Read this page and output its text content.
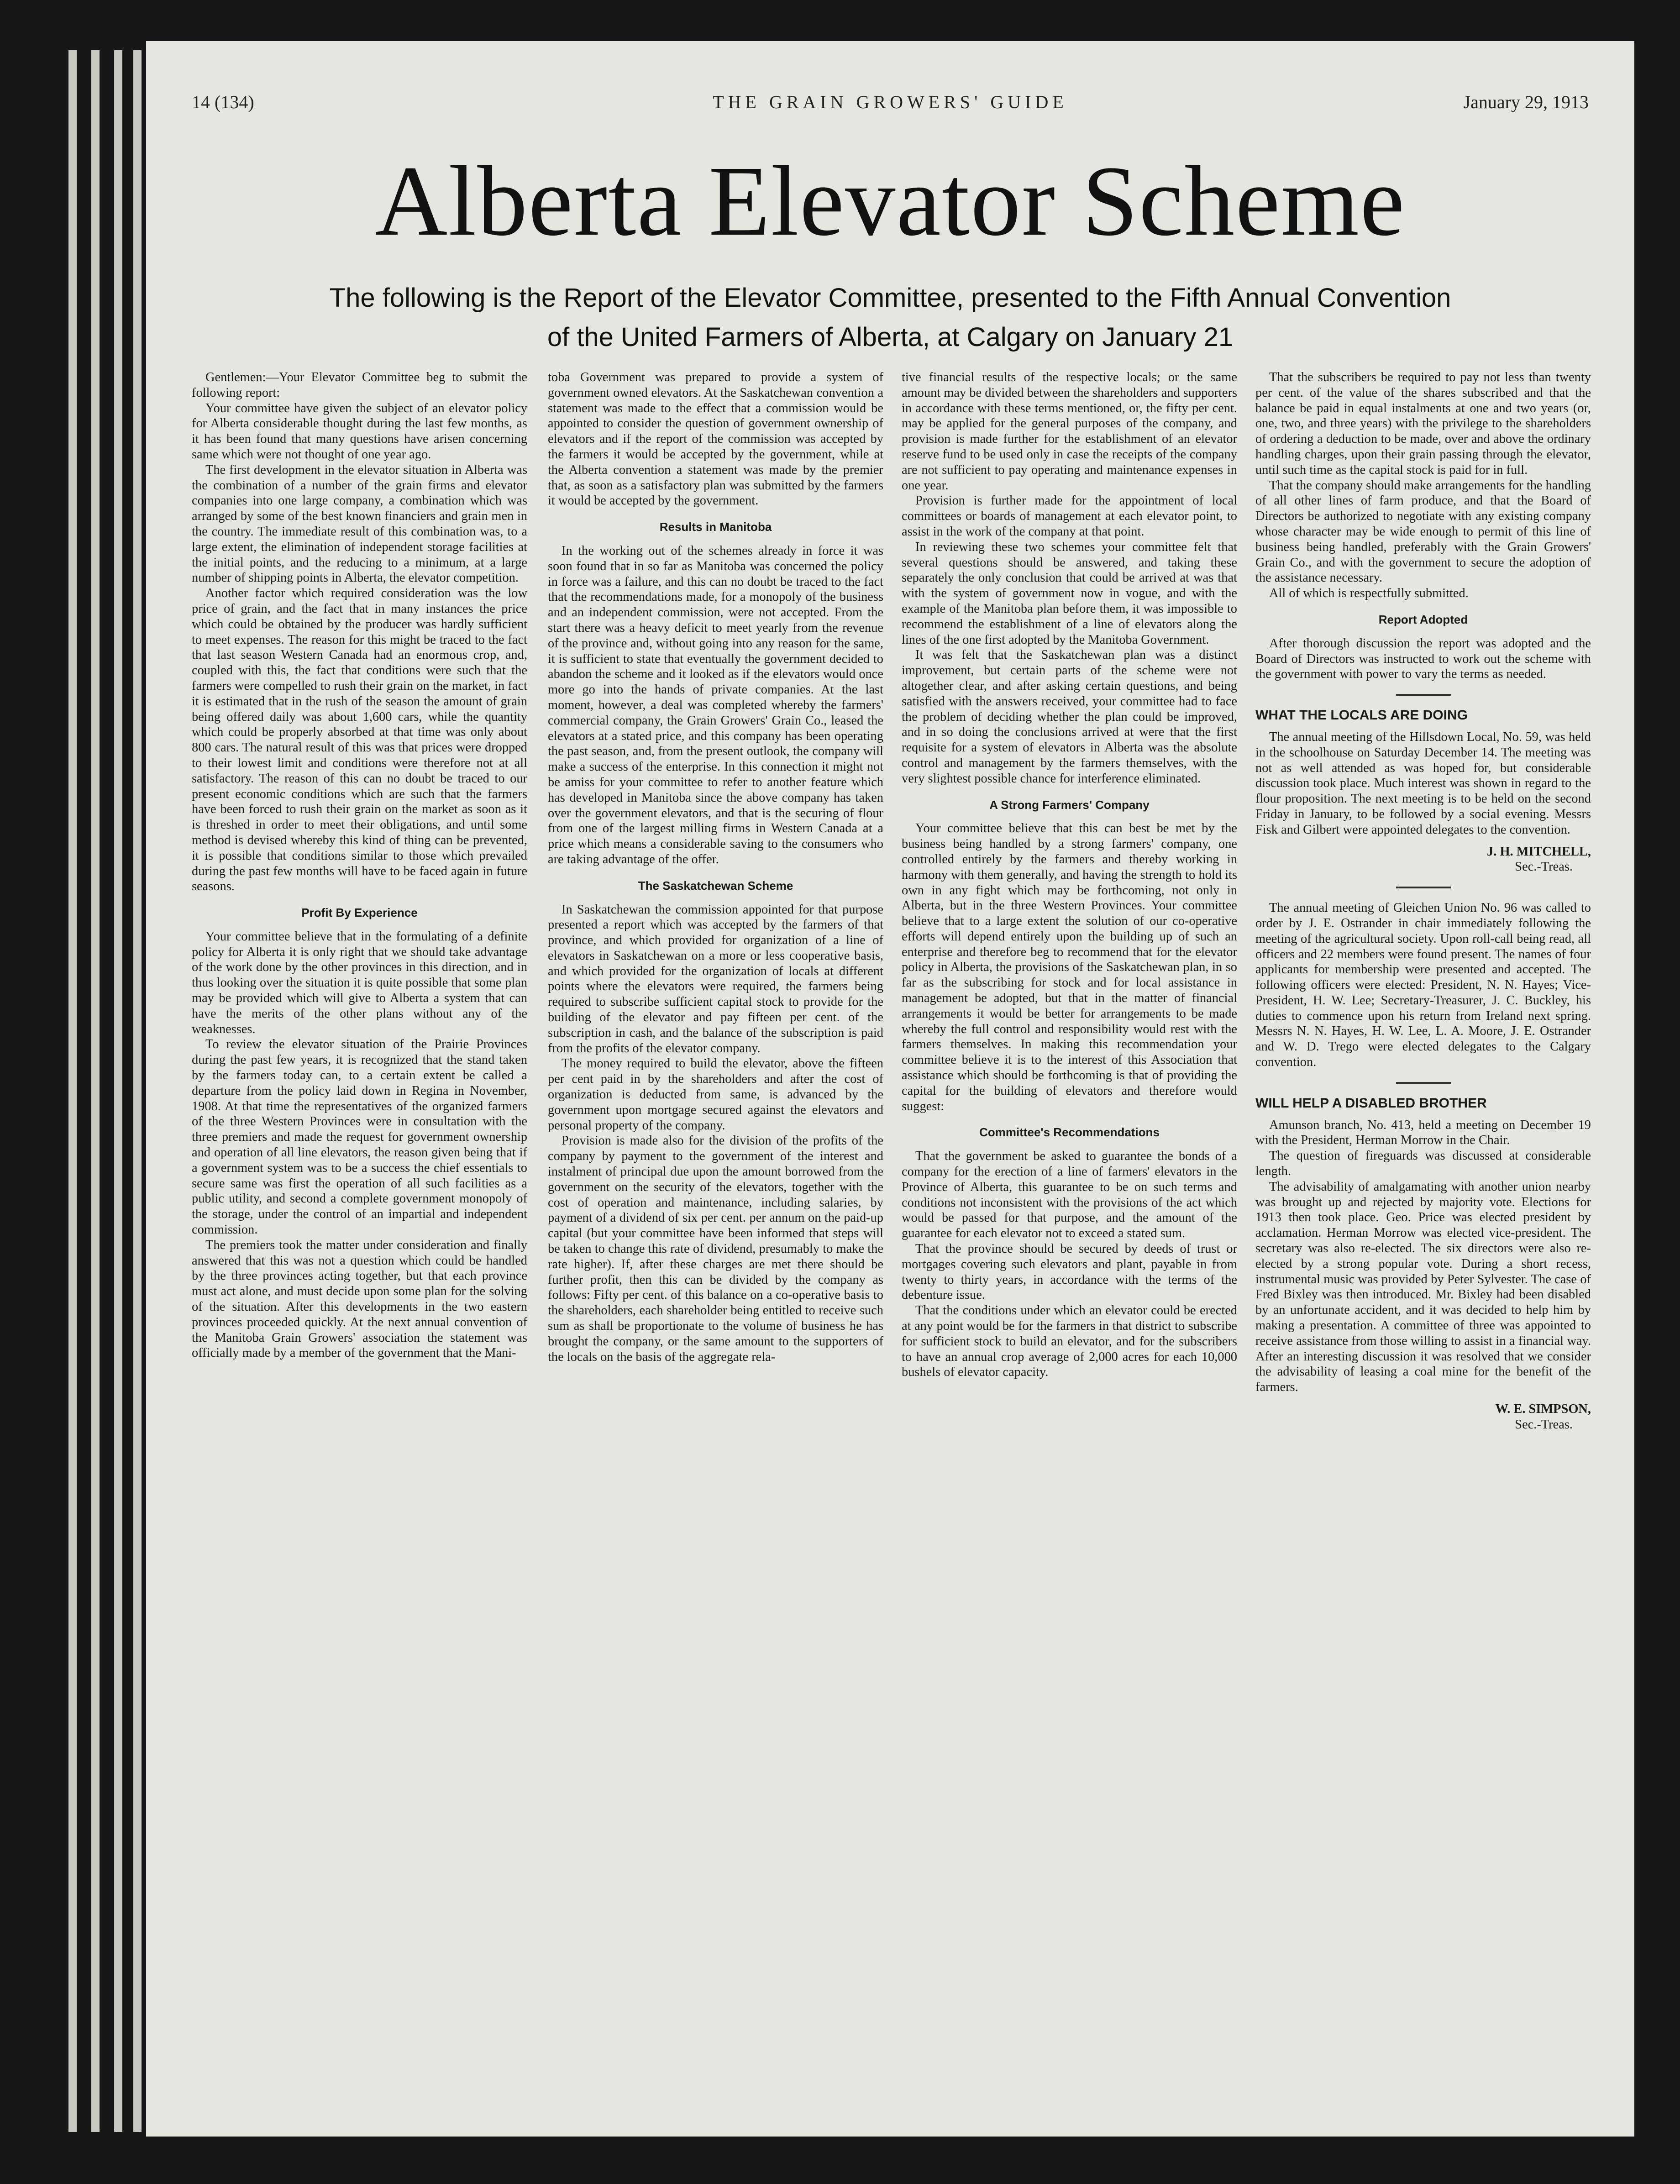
14 (134)	THE GRAIN GROWERS' GUIDE	January 29, 1913
Alberta Elevator Scheme
The following is the Report of the Elevator Committee, presented to the Fifth Annual Convention
of the United Farmers of Alberta, at Calgary on January 21

Gentlemen:—Your Elevator Committee beg to submit the following report:

Your committee have given the subject of an elevator policy for Alberta considerable thought during the last few months, as it has been found that many questions have arisen concerning same which were not thought of one year ago.

The first development in the elevator situation in Alberta was the combination of a number of the grain firms and elevator companies into one large company, a combination which was arranged by some of the best known financiers and grain men in the country. The immediate result of this combination was, to a large extent, the elimination of independent storage facilities at the initial points, and the reducing to a minimum, at a large number of shipping points in Alberta, the elevator competition.

Another factor which required consideration was the low price of grain, and the fact that in many instances the price which could be obtained by the producer was hardly sufficient to meet expenses. The reason for this might be traced to the fact that last season Western Canada had an enormous crop, and, coupled with this, the fact that conditions were such that the farmers were compelled to rush their grain on the market, in fact it is estimated that in the rush of the season the amount of grain being offered daily was about 1,600 cars, while the quantity which could be properly absorbed at that time was only about 800 cars. The natural result of this was that prices were dropped to their lowest limit and conditions were therefore not at all satisfactory. The reason of this can no doubt be traced to our present economic conditions which are such that the farmers have been forced to rush their grain on the market as soon as it is threshed in order to meet their obligations, and until some method is devised whereby this kind of thing can be prevented, it is possible that conditions similar to those which prevailed during the past few months will have to be faced again in future seasons.

Profit By Experience

Your committee believe that in the formulating of a definite policy for Alberta it is only right that we should take advantage of the work done by the other provinces in this direction, and in thus looking over the situation it is quite possible that some plan may be provided which will give to Alberta a system that can have the merits of the other plans without any of the weaknesses.

To review the elevator situation of the Prairie Provinces during the past few years, it is recognized that the stand taken by the farmers today can, to a certain extent be called a departure from the policy laid down in Regina in November, 1908. At that time the representatives of the organized farmers of the three Western Provinces were in consultation with the three premiers and made the request for government ownership and operation of all line elevators, the reason given being that if a government system was to be a success the chief essentials to secure same was first the operation of all such facilities as a public utility, and second a complete government monopoly of the storage, under the control of an impartial and independent commission.

The premiers took the matter under consideration and finally answered that this was not a question which could be handled by the three provinces acting together, but that each province must act alone, and must decide upon some plan for the solving of the situation. After this developments in the two eastern provinces proceeded quickly. At the next annual convention of the Manitoba Grain Growers' association the statement was officially made by a member of the government that the Mani-

toba Government was prepared to provide a system of government owned elevators. At the Saskatchewan convention a statement was made to the effect that a commission would be appointed to consider the question of government ownership of elevators and if the report of the commission was accepted by the farmers it would be accepted by the government, while at the Alberta convention a statement was made by the premier that, as soon as a satisfactory plan was submitted by the farmers it would be accepted by the government.

Results in Manitoba

In the working out of the schemes already in force it was soon found that in so far as Manitoba was concerned the policy in force was a failure, and this can no doubt be traced to the fact that the recommendations made, for a monopoly of the business and an independent commission, were not accepted. From the start there was a heavy deficit to meet yearly from the revenue of the province and, without going into any reason for the same, it is sufficient to state that eventually the government decided to abandon the scheme and it looked as if the elevators would once more go into the hands of private companies. At the last moment, however, a deal was completed whereby the farmers' commercial company, the Grain Growers' Grain Co., leased the elevators at a stated price, and this company has been operating the past season, and, from the present outlook, the company will make a success of the enterprise. In this connection it might not be amiss for your committee to refer to another feature which has developed in Manitoba since the above company has taken over the government elevators, and that is the securing of flour from one of the largest milling firms in Western Canada at a price which means a considerable saving to the consumers who are taking advantage of the offer.

The Saskatchewan Scheme

In Saskatchewan the commission appointed for that purpose presented a report which was accepted by the farmers of that province, and which provided for organization of a line of elevators in Saskatchewan on a more or less cooperative basis, and which provided for the organization of locals at different points where the elevators were required, the farmers being required to subscribe sufficient capital stock to provide for the building of the elevator and pay fifteen per cent. of the subscription in cash, and the balance of the subscription is paid from the profits of the elevator company.

The money required to build the elevator, above the fifteen per cent paid in by the shareholders and after the cost of organization is deducted from same, is advanced by the government upon mortgage secured against the elevators and personal property of the company.

Provision is made also for the division of the profits of the company by payment to the government of the interest and instalment of principal due upon the amount borrowed from the government on the security of the elevators, together with the cost of operation and maintenance, including salaries, by payment of a dividend of six per cent. per annum on the paid-up capital (but your committee have been informed that steps will be taken to change this rate of dividend, presumably to make the rate higher). If, after these charges are met there should be further profit, then this can be divided by the company as follows: Fifty per cent. of this balance on a co-operative basis to the shareholders, each shareholder being entitled to receive such sum as shall be proportionate to the volume of business he has brought the company, or the same amount to the supporters of the locals on the basis of the aggregate rela-

tive financial results of the respective locals; or the same amount may be divided between the shareholders and supporters in accordance with these terms mentioned, or, the fifty per cent. may be applied for the general purposes of the company, and provision is made further for the establishment of an elevator reserve fund to be used only in case the receipts of the company are not sufficient to pay operating and maintenance expenses in one year.

Provision is further made for the appointment of local committees or boards of management at each elevator point, to assist in the work of the company at that point.

In reviewing these two schemes your committee felt that several questions should be answered, and taking these separately the only conclusion that could be arrived at was that with the system of government now in vogue, and with the example of the Manitoba plan before them, it was impossible to recommend the establishment of a line of elevators along the lines of the one first adopted by the Manitoba Government.

It was felt that the Saskatchewan plan was a distinct improvement, but certain parts of the scheme were not altogether clear, and after asking certain questions, and being satisfied with the answers received, your committee had to face the problem of deciding whether the plan could be improved, and in so doing the conclusions arrived at were that the first requisite for a system of elevators in Alberta was the absolute control and management by the farmers themselves, with the very slightest possible chance for interference eliminated.

A Strong Farmers' Company

Your committee believe that this can best be met by the business being handled by a strong farmers' company, one controlled entirely by the farmers and thereby working in harmony with them generally, and having the strength to hold its own in any fight which may be forthcoming, not only in Alberta, but in the three Western Provinces. Your committee believe that to a large extent the solution of our co-operative efforts will depend entirely upon the building up of such an enterprise and therefore beg to recommend that for the elevator policy in Alberta, the provisions of the Saskatchewan plan, in so far as the subscribing for stock and for local assistance in management be adopted, but that in the matter of financial arrangements it would be better for arrangements to be made whereby the full control and responsibility would rest with the farmers themselves. In making this recommendation your committee believe it is to the interest of this Association that assistance which should be forthcoming is that of providing the capital for the building of elevators and therefore would suggest:

Committee's Recommendations

That the government be asked to guarantee the bonds of a company for the erection of a line of farmers' elevators in the Province of Alberta, this guarantee to be on such terms and conditions not inconsistent with the provisions of the act which would be passed for that purpose, and the amount of the guarantee for each elevator not to exceed a stated sum.

That the province should be secured by deeds of trust or mortgages covering such elevators and plant, payable in from twenty to thirty years, in accordance with the terms of the debenture issue.

That the conditions under which an elevator could be erected at any point would be for the farmers in that district to subscribe for sufficient stock to build an elevator, and for the subscribers to have an annual crop average of 2,000 acres for each 10,000 bushels of elevator capacity.

That the subscribers be required to pay not less than twenty per cent. of the value of the shares subscribed and that the balance be paid in equal instalments at one and two years (or, one, two, and three years) with the privilege to the shareholders of ordering a deduction to be made, over and above the ordinary handling charges, upon their grain passing through the elevator, until such time as the capital stock is paid for in full.

That the company should make arrangements for the handling of all other lines of farm produce, and that the Board of Directors be authorized to negotiate with any existing company whose character may be wide enough to permit of this line of business being handled, preferably with the Grain Growers' Grain Co., and with the government to secure the adoption of the assistance necessary.

All of which is respectfully submitted.

Report Adopted

After thorough discussion the report was adopted and the Board of Directors was instructed to work out the scheme with the government with power to vary the terms as needed.

WHAT THE LOCALS ARE DOING

The annual meeting of the Hillsdown Local, No. 59, was held in the schoolhouse on Saturday December 14. The meeting was not as well attended as was hoped for, but considerable discussion took place. Much interest was shown in regard to the flour proposition. The next meeting is to be held on the second Friday in January, to be followed by a social evening. Messrs Fisk and Gilbert were appointed delegates to the convention.

J. H. MITCHELL,
Sec.-Treas.

The annual meeting of Gleichen Union No. 96 was called to order by J. E. Ostrander in chair immediately following the meeting of the agricultural society. Upon roll-call being read, all officers and 22 members were found present. The names of four applicants for membership were presented and accepted. The following officers were elected: President, N. N. Hayes; Vice-President, H. W. Lee; Secretary-Treasurer, J. C. Buckley, his duties to commence upon his return from Ireland next spring. Messrs N. N. Hayes, H. W. Lee, L. A. Moore, J. E. Ostrander and W. D. Trego were elected delegates to the Calgary convention.

WILL HELP A DISABLED BROTHER

Amunson branch, No. 413, held a meeting on December 19 with the President, Herman Morrow in the Chair.

The question of fireguards was discussed at considerable length.

The advisability of amalgamating with another union nearby was brought up and rejected by majority vote. Elections for 1913 then took place. Geo. Price was elected president by acclamation. Herman Morrow was elected vice-president. The secretary was also re-elected. The six directors were also re-elected by a strong popular vote. During a short recess, instrumental music was provided by Peter Sylvester. The case of Fred Bixley was then introduced. Mr. Bixley had been disabled by an unfortunate accident, and it was decided to help him by making a presentation. A committee of three was appointed to receive assistance from those willing to assist in a financial way. After an interesting discussion it was resolved that we consider the advisability of leasing a coal mine for the benefit of the farmers.

W. E. SIMPSON,
Sec.-Treas.
